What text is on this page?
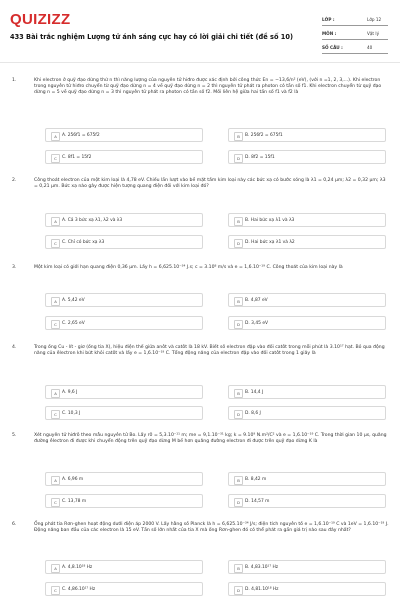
QUIZIZZ
433 Bài trắc nghiệm Lượng tử ánh sáng cực hay có lời giải chi tiết (đề số 10)
LỚP :	Lớp 12
MÔN :	Vật lý
SỐ CÂU :	40
1.	Khi electron ở quỹ đạo dừng thứ n thì năng lượng của nguyên tử hiđro được xác định bởi công thức En = −13,6/n² (eV), (với n =1, 2, 3,...). Khi electron trong nguyên tử hiđro chuyển từ quỹ đạo dừng n = 4 về quỹ đạo dừng n = 2 thì nguyên tử phát ra photon có tần số f1. Khi electron chuyển từ quỹ đạo dừng n = 5 về quỹ đạo dừng n = 3 thì nguyên tử phát ra photon có tần số f2. Mối liên hệ giữa hai tần số f1 và f2 là
A	A. 256f1 = 675f2	B	B. 256f2 = 675f1
C	C. 8f1 = 15f2	D	D. 8f2 = 15f1
2.	Công thoát electron của một kim loại là 4,78 eV. Chiếu lần lượt vào bề mặt tấm kim loại này các bức xạ có bước sóng là λ1 = 0,24 μm; λ2 = 0,32 μm; λ3 = 0,21 μm. Bức xạ nào gây được hiện tượng quang điện đối với kim loại đó?
A	A. Cả 3 bức xạ λ1, λ2 và λ3	B	B. Hai bức xạ λ1 và λ3
C	C. Chỉ có bức xạ λ3	D	D. Hai bức xạ λ1 và λ2
3.	Một kim loại có giới hạn quang điện 0,36 μm. Lấy h = 6,625.10⁻³⁴ J.s; c = 3.10⁸ m/s và e = 1,6.10⁻¹⁹ C. Công thoát của kim loại này là
A	A. 5,42 eV	B	B. 4,87 eV
C	C. 2,65 eV	D	D. 3,45 eV
4.	Trong ống Cu - lít - giơ (ống tia X), hiệu điện thế giữa anôt và catôt là 18 kV. Biết số electron đập vào đối catôt trong mỗi phút là 3.10¹⁷ hạt. Bỏ qua động năng của êlectron khi bứt khỏi catôt và lấy e = 1,6.10⁻¹⁹ C. Tổng động năng của electron đập vào đối catôt trong 1 giây là
A	A. 9,6 J	B	B. 14,4 J
C	C. 10,3 J	D	D. 8,6 J
5.	Xét nguyên tử hiđrô theo mẫu nguyên tử Bo. Lấy r0 = 5,3.10⁻¹¹ m; me = 9,1.10⁻³¹ kg; k = 9.10⁹ N.m²/C² và e = 1,6.10⁻¹⁹ C. Trong thời gian 10 μs, quãng đường êlectron đi được khi chuyển động trên quỹ đạo dừng M bề hơn quãng đường electron đi được trên quỹ đạo dừng K là
A	A. 6,96 m	B	B. 8,42 m
C	C. 13,78 m	D	D. 14,57 m
6.	Ống phát tia Rơn-ghen hoạt động dưới điện áp 2000 V. Lấy hằng số Planck là h = 6,625.10⁻³⁴ J/s; điện tích nguyên tố e = 1,6.10⁻¹⁹ C và 1eV = 1,6.10⁻¹⁹ J. Động năng ban đầu của các electron là 15 eV. Tần số lớn nhất của tia X mà ống Rơn-ghen đó có thể phát ra gần giá trị nào sau đây nhất?
A	A. 4,8.10¹⁸ Hz	B	B. 4,83.10¹⁷ Hz
C	C. 4,86.10¹⁷ Hz	D	D. 4,81.10¹⁸ Hz
